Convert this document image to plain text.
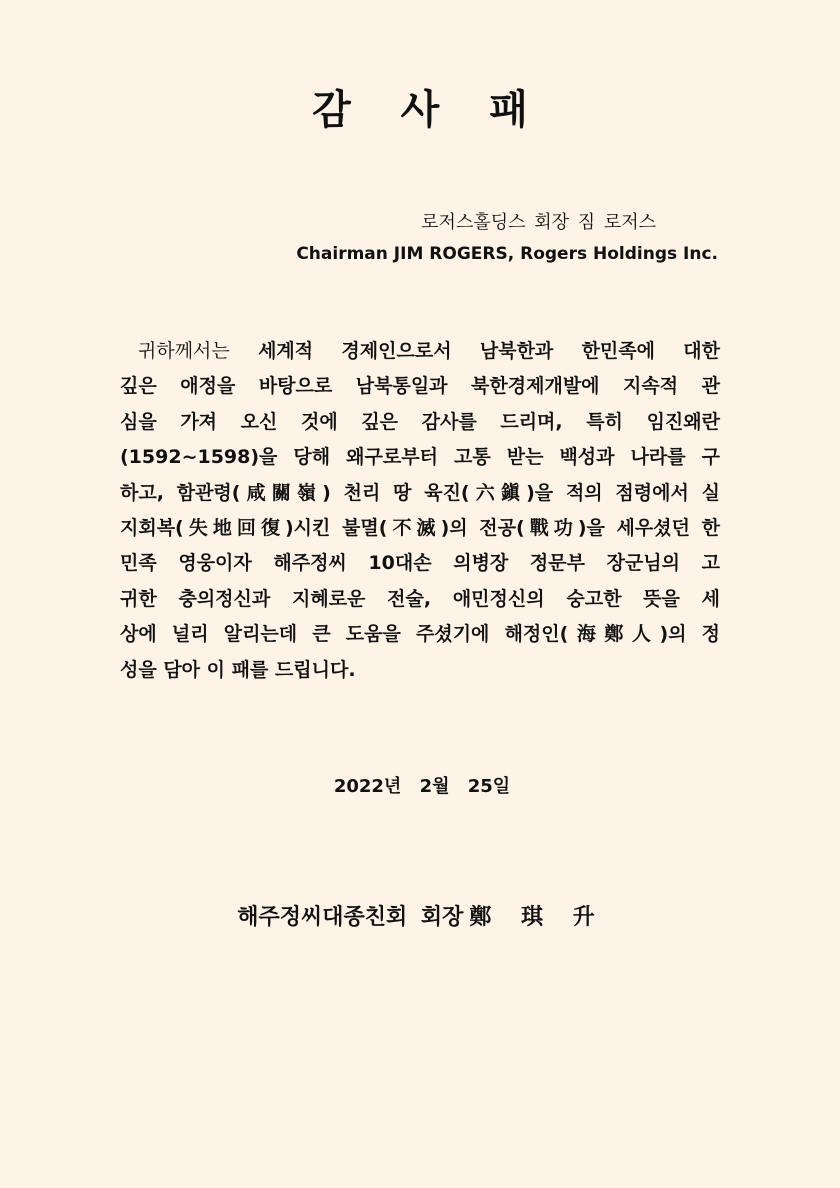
감 사 패
로저스홀딩스 회장 짐 로저스
Chairman JIM ROGERS, Rogers Holdings Inc.
귀하께서는 세계적 경제인으로서 남북한과 한민족에 대한
깊은 애정을 바탕으로 남북통일과 북한경제개발에 지속적 관
심을 가져 오신 것에 깊은 감사를 드리며, 특히 임진왜란
(1592~1598)을 당해 왜구로부터 고통 받는 백성과 나라를 구
하고, 함관령(咸關嶺) 천리 땅 육진(六鎭)을 적의 점령에서 실
지회복(失地回復)시킨 불멸(不滅)의 전공(戰功)을 세우셨던 한
민족 영웅이자 해주정씨 10대손 의병장 정문부 장군님의 고
귀한 충의정신과 지혜로운 전술, 애민정신의 숭고한 뜻을 세
상에 널리 알리는데 큰 도움을 주셨기에 해정인(海鄭人)의 정
성을 담아 이 패를 드립니다.
2022년 2월 25일
해주정씨대종친회 회장 鄭 琪 升
